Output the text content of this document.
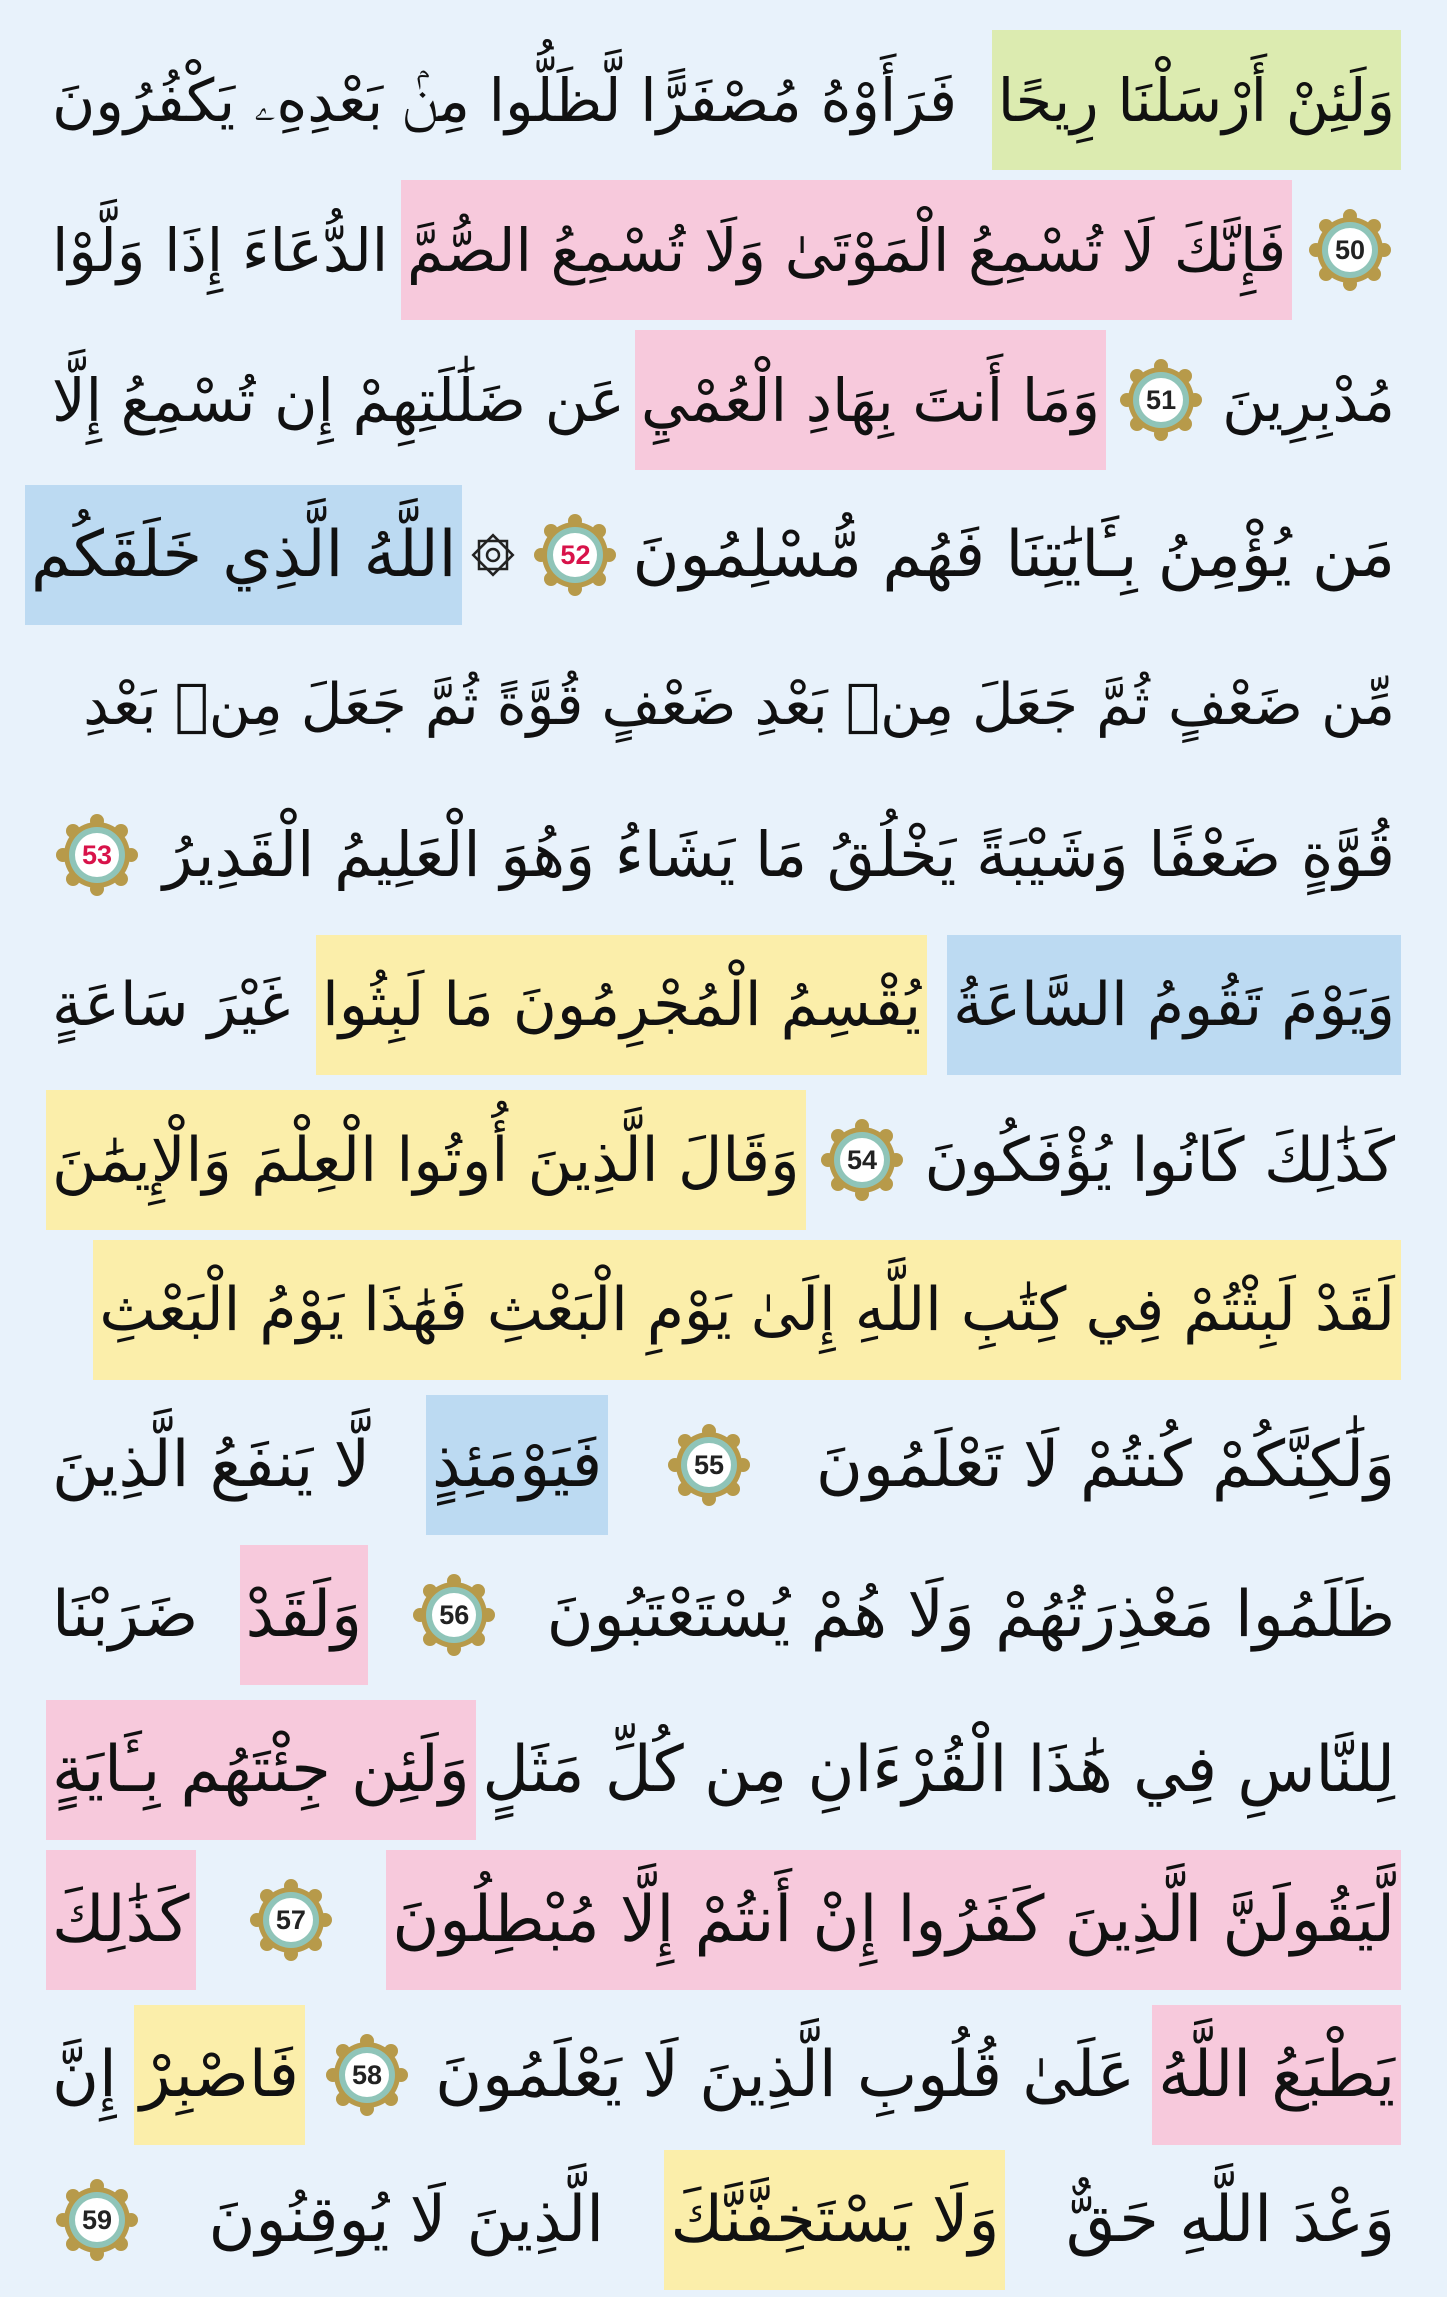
وَلَئِنْ أَرْسَلْنَا رِيحًا
فَرَأَوْهُ مُصْفَرًّا لَّظَلُّوا مِنۢ بَعْدِهِۦ يَكْفُرُونَ
50
فَإِنَّكَ لَا تُسْمِعُ الْمَوْتَىٰ وَلَا تُسْمِعُ الصُّمَّ
الدُّعَاءَ إِذَا وَلَّوْا
مُدْبِرِينَ
51
وَمَا أَنتَ بِهَادِ الْعُمْيِ
عَن ضَلَٰلَتِهِمْ إِن تُسْمِعُ إِلَّا
مَن يُؤْمِنُ بِـَٔايَٰتِنَا فَهُم مُّسْلِمُونَ
52
اللَّهُ الَّذِي خَلَقَكُم
مِّن ضَعْفٍ ثُمَّ جَعَلَ مِنۢ بَعْدِ ضَعْفٍ قُوَّةً ثُمَّ جَعَلَ مِنۢ بَعْدِ
قُوَّةٍ ضَعْفًا وَشَيْبَةً يَخْلُقُ مَا يَشَاءُ وَهُوَ الْعَلِيمُ الْقَدِيرُ
53
وَيَوْمَ تَقُومُ السَّاعَةُ
يُقْسِمُ الْمُجْرِمُونَ مَا لَبِثُوا
غَيْرَ سَاعَةٍ
كَذَٰلِكَ كَانُوا يُؤْفَكُونَ
54
وَقَالَ الَّذِينَ أُوتُوا الْعِلْمَ وَالْإِيمَٰنَ
لَقَدْ لَبِثْتُمْ فِي كِتَٰبِ اللَّهِ إِلَىٰ يَوْمِ الْبَعْثِ فَهَٰذَا يَوْمُ الْبَعْثِ
وَلَٰكِنَّكُمْ كُنتُمْ لَا تَعْلَمُونَ
55
فَيَوْمَئِذٍ
لَّا يَنفَعُ الَّذِينَ
ظَلَمُوا مَعْذِرَتُهُمْ وَلَا هُمْ يُسْتَعْتَبُونَ
56
وَلَقَدْ
ضَرَبْنَا
لِلنَّاسِ فِي هَٰذَا الْقُرْءَانِ مِن كُلِّ مَثَلٍ
وَلَئِن جِئْتَهُم بِـَٔايَةٍ
لَّيَقُولَنَّ الَّذِينَ كَفَرُوا إِنْ أَنتُمْ إِلَّا مُبْطِلُونَ
57
كَذَٰلِكَ
يَطْبَعُ اللَّهُ
عَلَىٰ قُلُوبِ الَّذِينَ لَا يَعْلَمُونَ
58
فَاصْبِرْ
إِنَّ
وَعْدَ اللَّهِ حَقٌّ
وَلَا يَسْتَخِفَّنَّكَ
الَّذِينَ لَا يُوقِنُونَ
59
